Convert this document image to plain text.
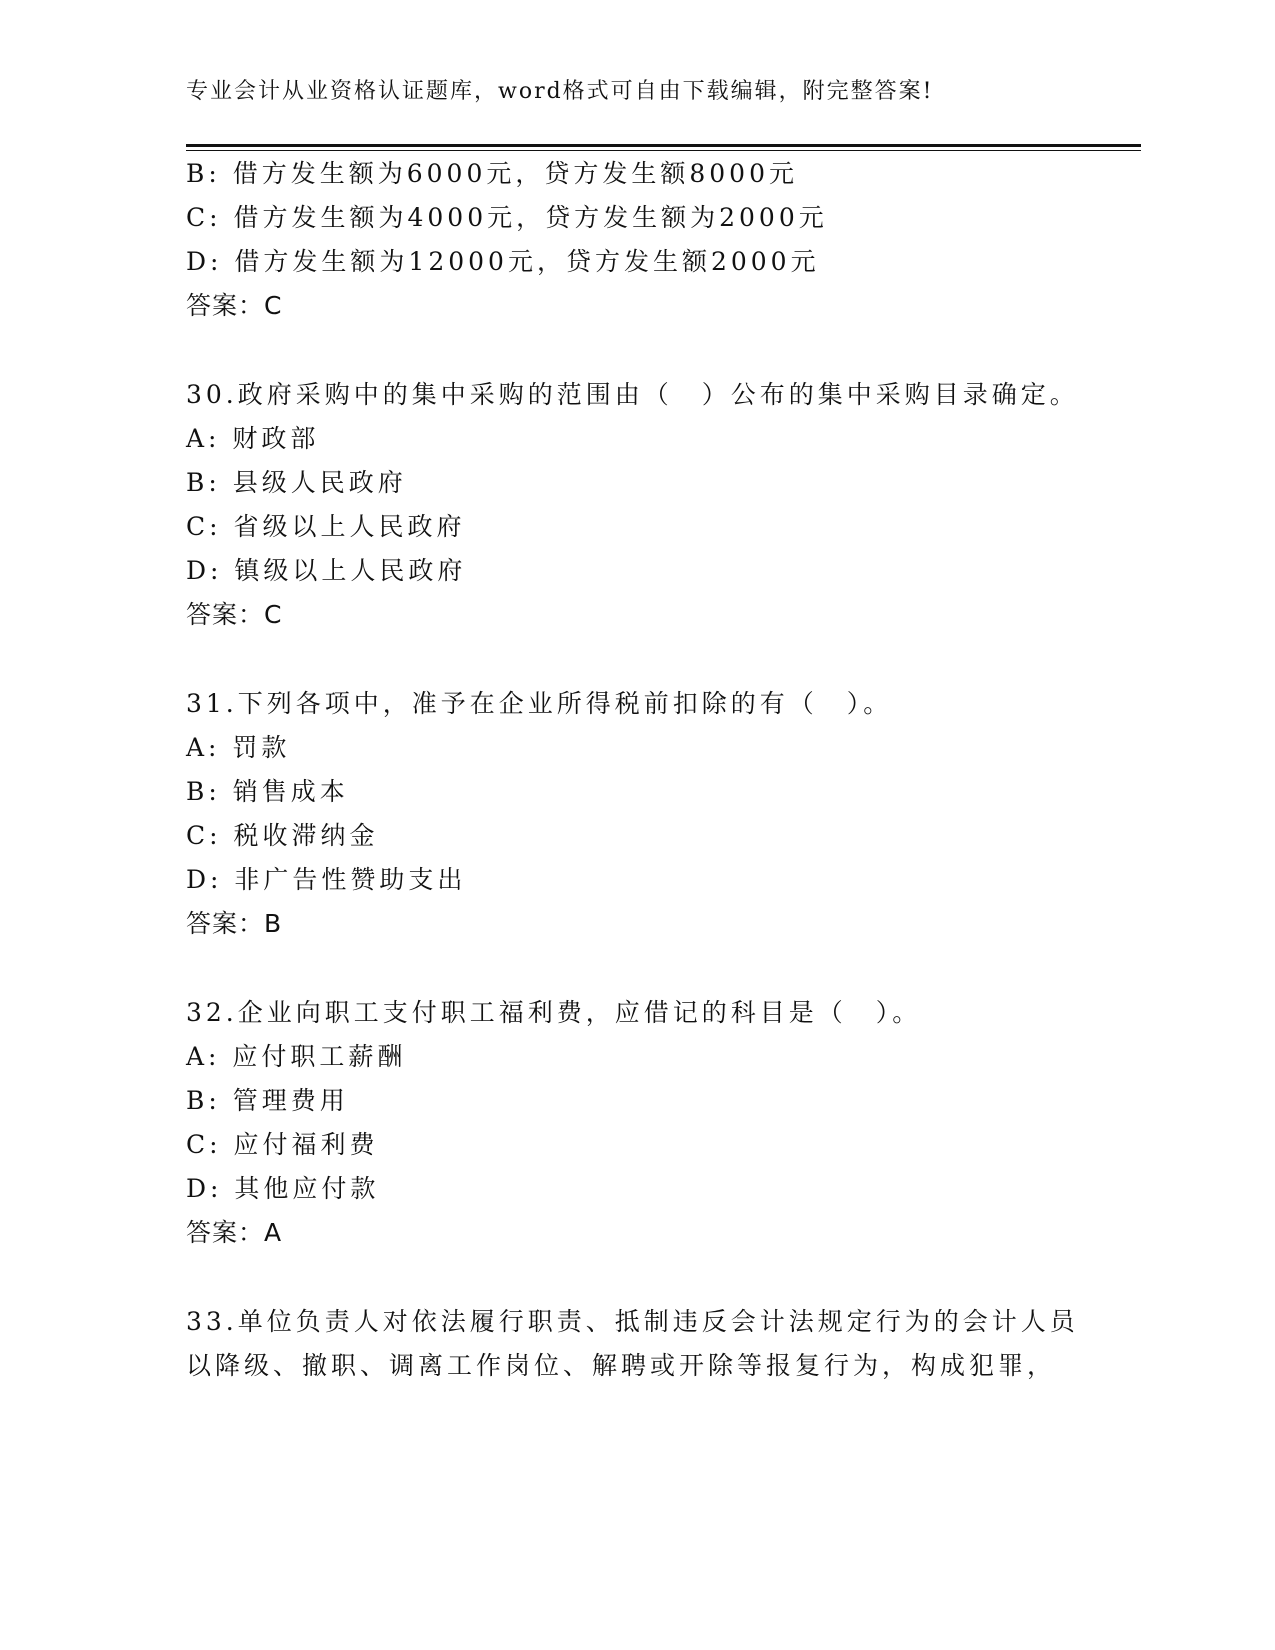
专业会计从业资格认证题库，word格式可自由下载编辑，附完整答案!
B: 借方发生额为6000元，贷方发生额8000元
C: 借方发生额为4000元，贷方发生额为2000元
D: 借方发生额为12000元，贷方发生额2000元
答案：C
30.政府采购中的集中采购的范围由（　）公布的集中采购目录确定。
A: 财政部
B: 县级人民政府
C: 省级以上人民政府
D: 镇级以上人民政府
答案：C
31.下列各项中，准予在企业所得税前扣除的有（　）。
A: 罚款
B: 销售成本
C: 税收滞纳金
D: 非广告性赞助支出
答案：B
32.企业向职工支付职工福利费，应借记的科目是（　）。
A: 应付职工薪酬
B: 管理费用
C: 应付福利费
D: 其他应付款
答案：A
33.单位负责人对依法履行职责、抵制违反会计法规定行为的会计人员
以降级、撤职、调离工作岗位、解聘或开除等报复行为，构成犯罪，
